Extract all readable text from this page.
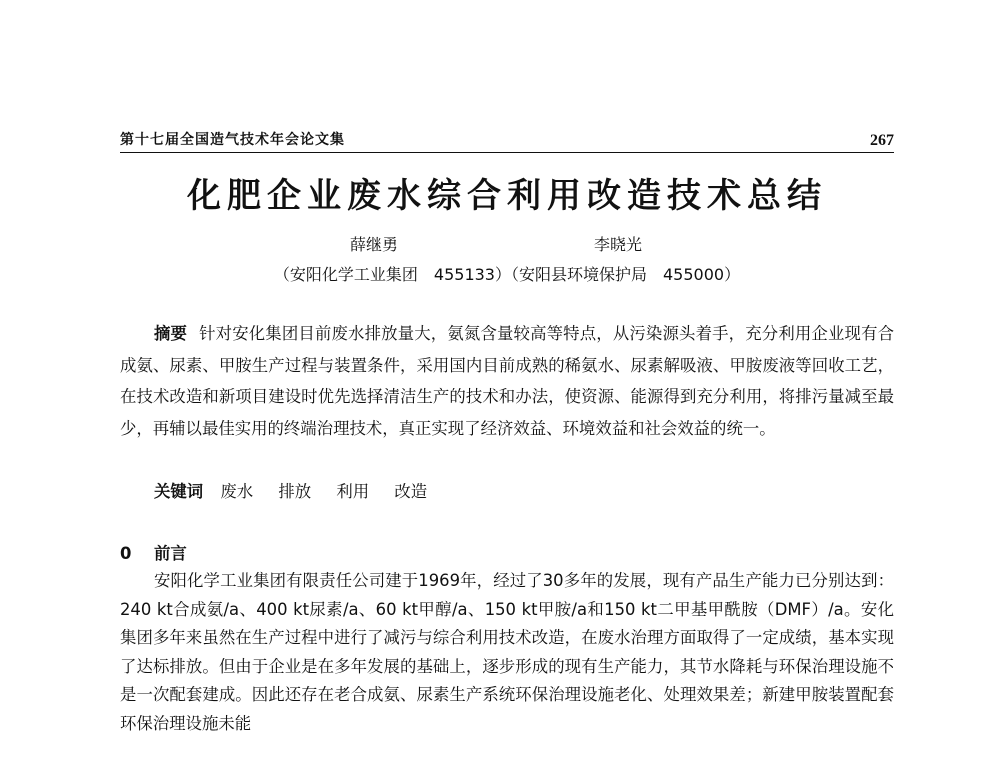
第十七届全国造气技术年会论文集	267
化肥企业废水综合利用改造技术总结
薛继勇	李晓光
（安阳化学工业集团　455133）（安阳县环境保护局　455000）

摘要 针对安化集团目前废水排放量大，氨氮含量较高等特点，从污染源头着手，充分利用企业现有合成氨、尿素、甲胺生产过程与装置条件，采用国内目前成熟的稀氨水、尿素解吸液、甲胺废液等回收工艺，在技术改造和新项目建设时优先选择清洁生产的技术和办法，使资源、能源得到充分利用，将排污量减至最少，再辅以最佳实用的终端治理技术，真正实现了经济效益、环境效益和社会效益的统一。

关键词 废水 排放 利用 改造
0 前言

安阳化学工业集团有限责任公司建于1969年，经过了30多年的发展，现有产品生产能力已分别达到：240 kt合成氨/a、400 kt尿素/a、60 kt甲醇/a、150 kt甲胺/a和150 kt二甲基甲酰胺（DMF）/a。安化集团多年来虽然在生产过程中进行了减污与综合利用技术改造，在废水治理方面取得了一定成绩，基本实现了达标排放。但由于企业是在多年发展的基础上，逐步形成的现有生产能力，其节水降耗与环保治理设施不是一次配套建成。因此还存在老合成氨、尿素生产系统环保治理设施老化、处理效果差；新建甲胺装置配套环保治理设施未能
